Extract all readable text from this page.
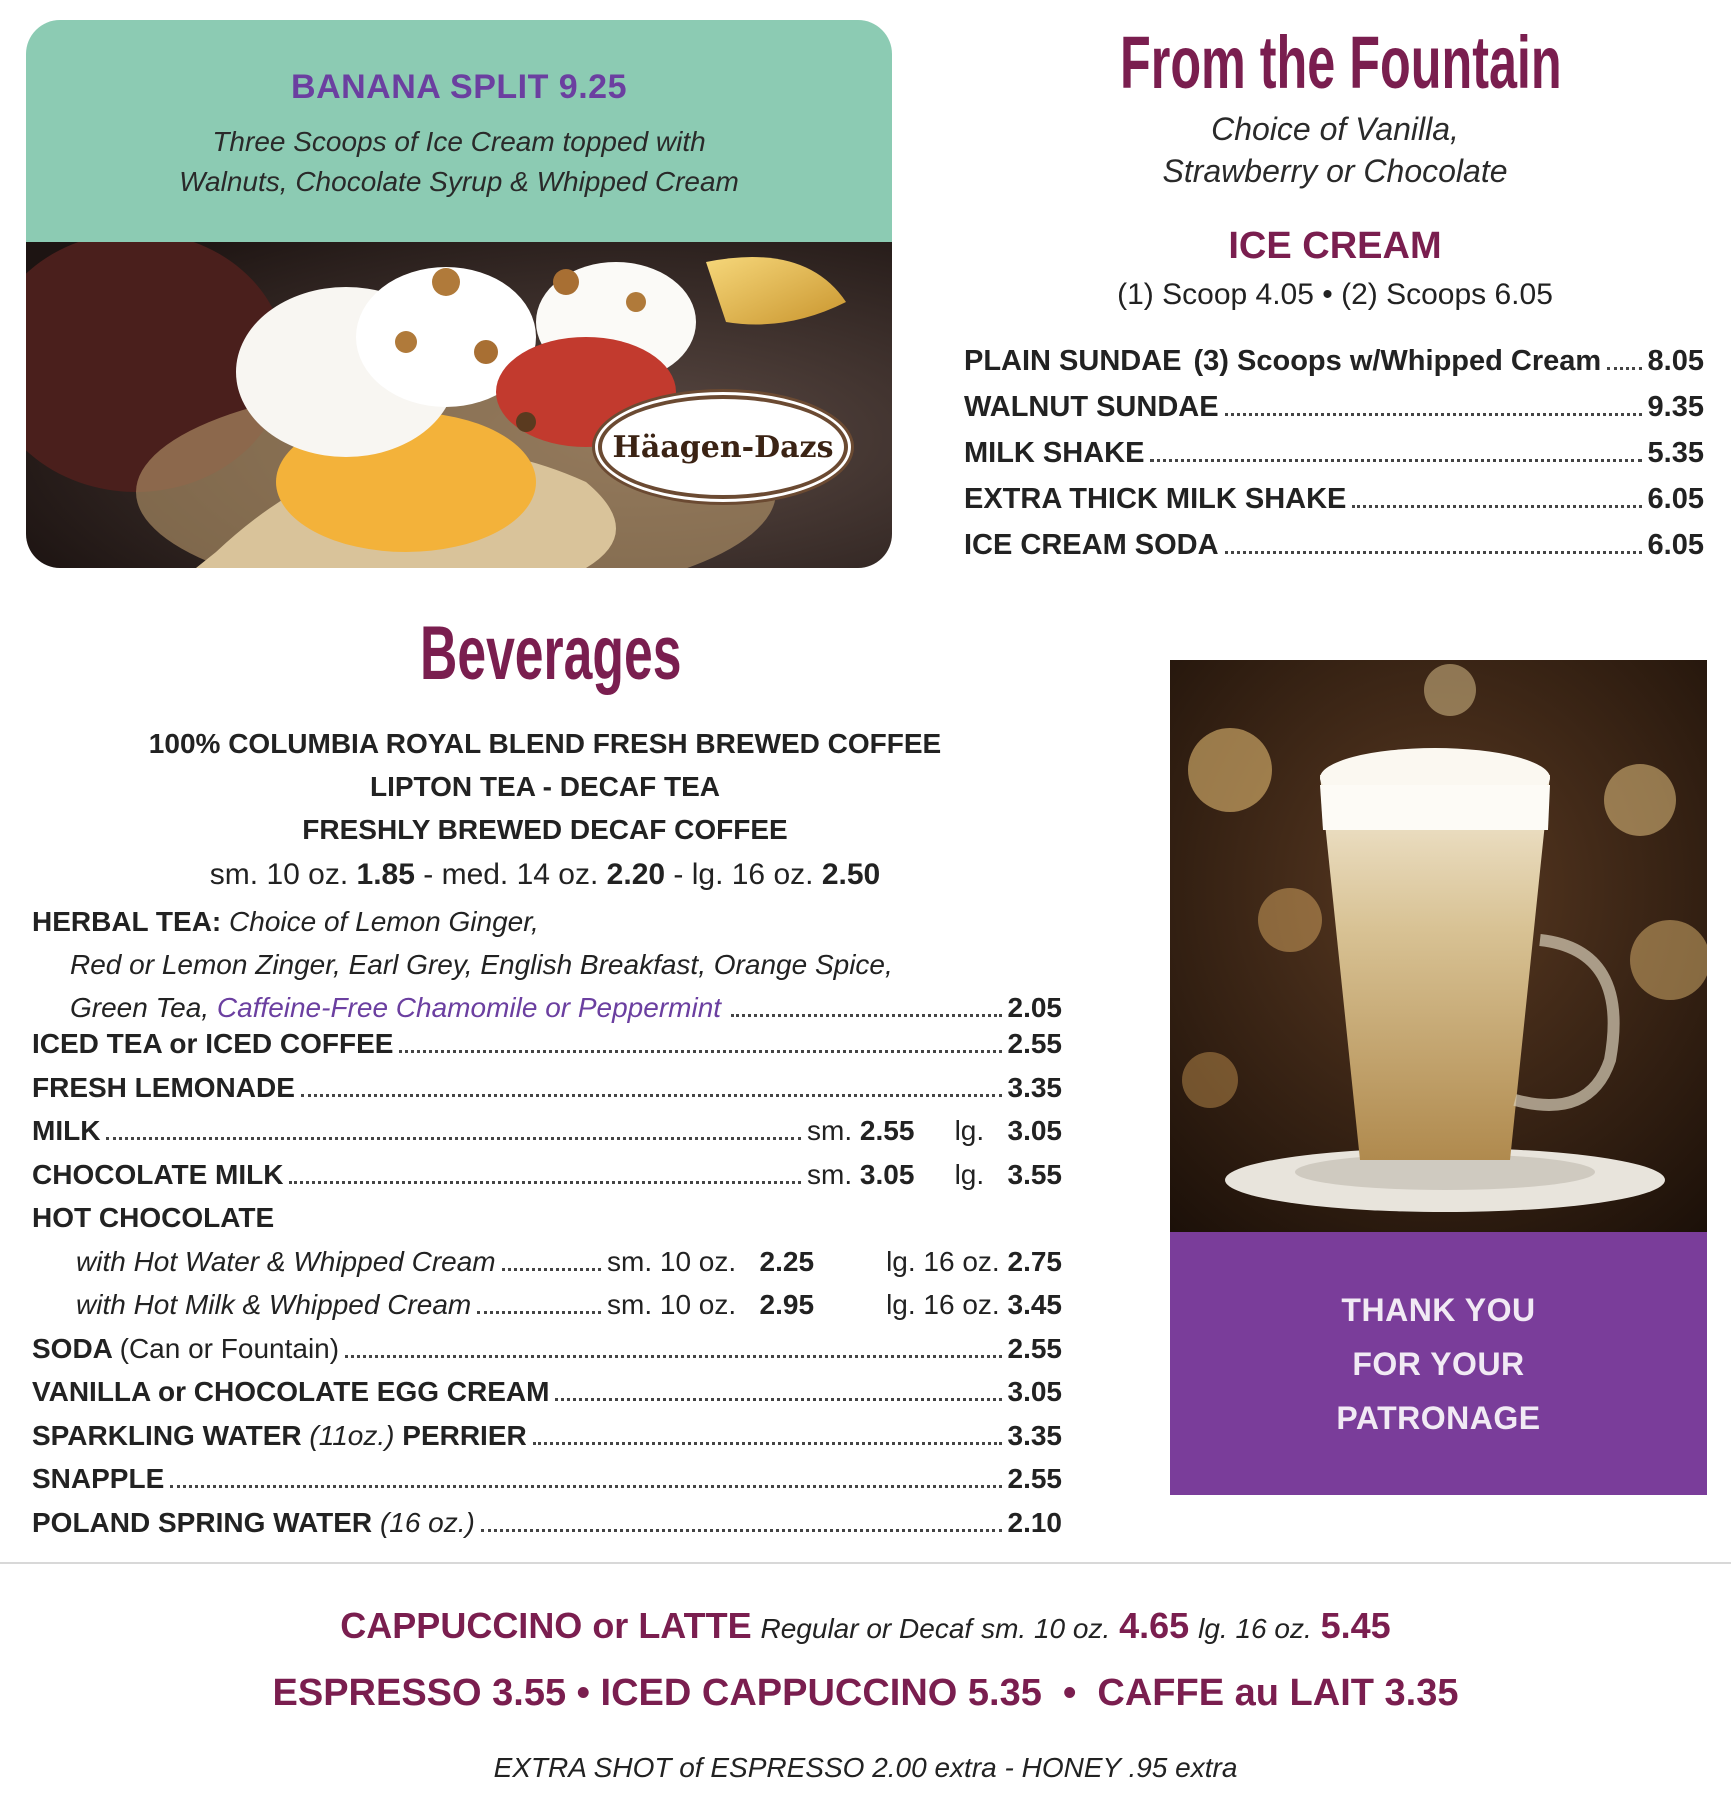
BANANA SPLIT 9.25
Three Scoops of Ice Cream topped with
Walnuts, Chocolate Syrup & Whipped Cream
Häagen-Dazs
From the Fountain
Choice of Vanilla,
Strawberry or Chocolate
ICE CREAM
(1) Scoop 4.05 • (2) Scoops 6.05
PLAIN SUNDAE (3) Scoops w/Whipped Cream 8.05
WALNUT SUNDAE	9.35
MILK SHAKE	5.35
EXTRA THICK MILK SHAKE	6.05
ICE CREAM SODA	6.05
THANK YOU
FOR YOUR
PATRONAGE
Beverages
100% COLUMBIA ROYAL BLEND FRESH BREWED COFFEE
LIPTON TEA - DECAF TEA
FRESHLY BREWED DECAF COFFEE
sm. 10 oz. 1.85 - med. 14 oz. 2.20 - lg. 16 oz. 2.50
HERBAL TEA: Choice of Lemon Ginger,
Red or Lemon Zinger, Earl Grey, English Breakfast, Orange Spice,
Green Tea,
Caffeine-Free Chamomile or Peppermint	2.05
ICED TEA or ICED COFFEE	2.55
FRESH LEMONADE	3.35
MILK	sm. 2.55	lg. 3.05
CHOCOLATE MILK	sm. 3.05	lg. 3.55
HOT CHOCOLATE
with Hot Water & Whipped Cream	sm. 10 oz. 2.25	lg. 16 oz. 2.75
with Hot Milk & Whipped Cream	sm. 10 oz. 2.95	lg. 16 oz. 3.45
SODA (Can or Fountain)	2.55
VANILLA or CHOCOLATE EGG CREAM	3.05
SPARKLING WATER (11oz.) PERRIER	3.35
SNAPPLE	2.55
POLAND SPRING WATER (16 oz.)	2.10
CAPPUCCINO or LATTE Regular or Decaf sm. 10 oz. 4.65 lg. 16 oz. 5.45
ESPRESSO 3.55 • ICED CAPPUCCINO 5.35 • CAFFE au LAIT 3.35
EXTRA SHOT of ESPRESSO 2.00 extra - HONEY .95 extra
